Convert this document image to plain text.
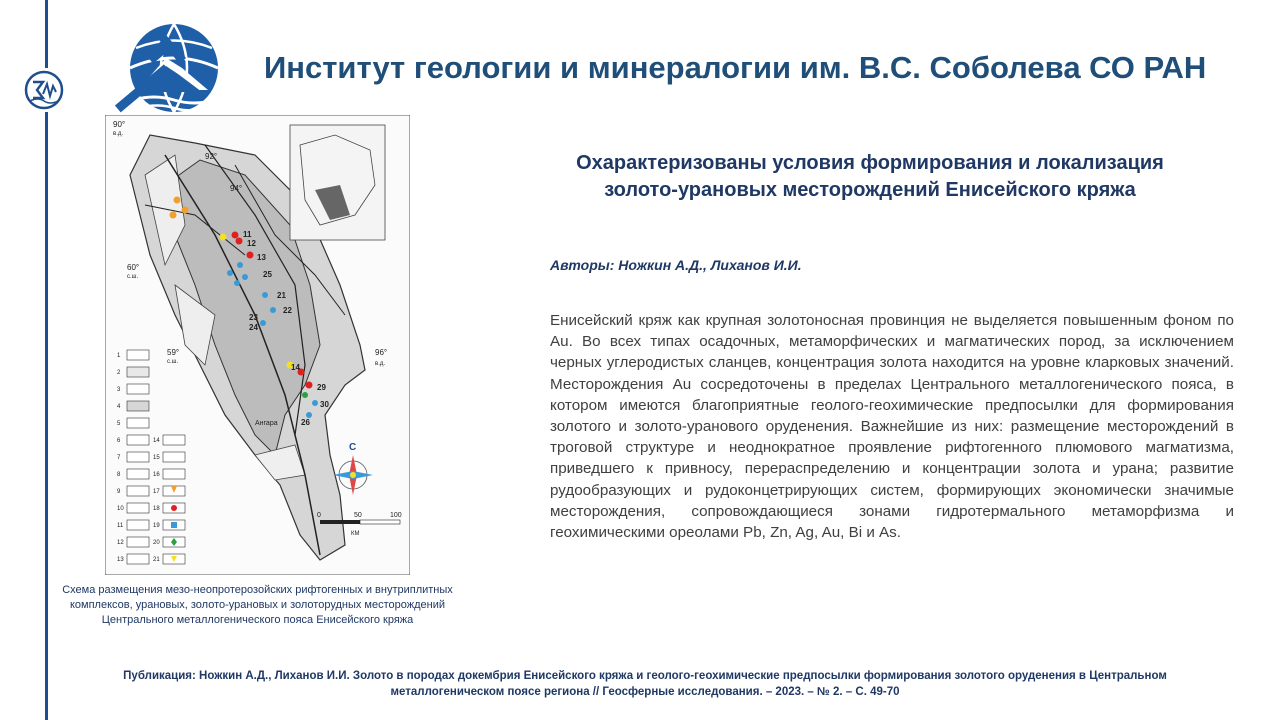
Институт геологии и минералогии им. В.С. Соболева СО РАН
90°
в.д.
92°
94°
60°
с.ш.
59°
с.ш.
96°
в.д.
Ангара
11
12
13
25
21
22
23
24
14
29
30
26
1
2
3
4
5
6
7
8
9
10
11
12
13
14
15
16
17
18
19
20
21
С
0	50	100
КМ
Схема размещения мезо-неопротерозойских рифтогенных и внутриплитных
комплексов, урановых, золото-урановых и золоторудных месторождений
Центрального металлогенического пояса Енисейского кряжа
Охарактеризованы условия формирования и локализация
золото-урановых месторождений Енисейского кряжа
Авторы: Ножкин А.Д., Лиханов И.И.
Енисейский кряж как крупная золотоносная провинция не выделяется повышенным фоном по Au. Во всех типах осадочных, метаморфических и магматических пород, за исключением черных углеродистых сланцев, концентрация золота находится на уровне кларковых значений. Месторождения Au сосредоточены в пределах Центрального металлогенического пояса, в котором имеются благоприятные геолого-геохимические предпосылки для формирования золотого и золото-уранового оруденения. Важнейшие из них: размещение месторождений в троговой структуре и неоднократное проявление рифтогенного плюмового магматизма, приведшего к привносу, перераспределению и концентрации золота и урана; развитие рудообразующих и рудоконцетрирующих систем, формирующих экономически значимые месторождения, сопровождающиеся зонами гидротермального метаморфизма и геохимическими ореолами Pb, Zn, Ag, Au, Bi и As.
Публикация: Ножкин А.Д., Лиханов И.И. Золото в породах докембрия Енисейского кряжа и геолого-геохимические предпосылки формирования золотого оруденения в Центральном
металлогеническом поясе региона // Геосферные исследования. – 2023. – № 2. – С. 49-70
